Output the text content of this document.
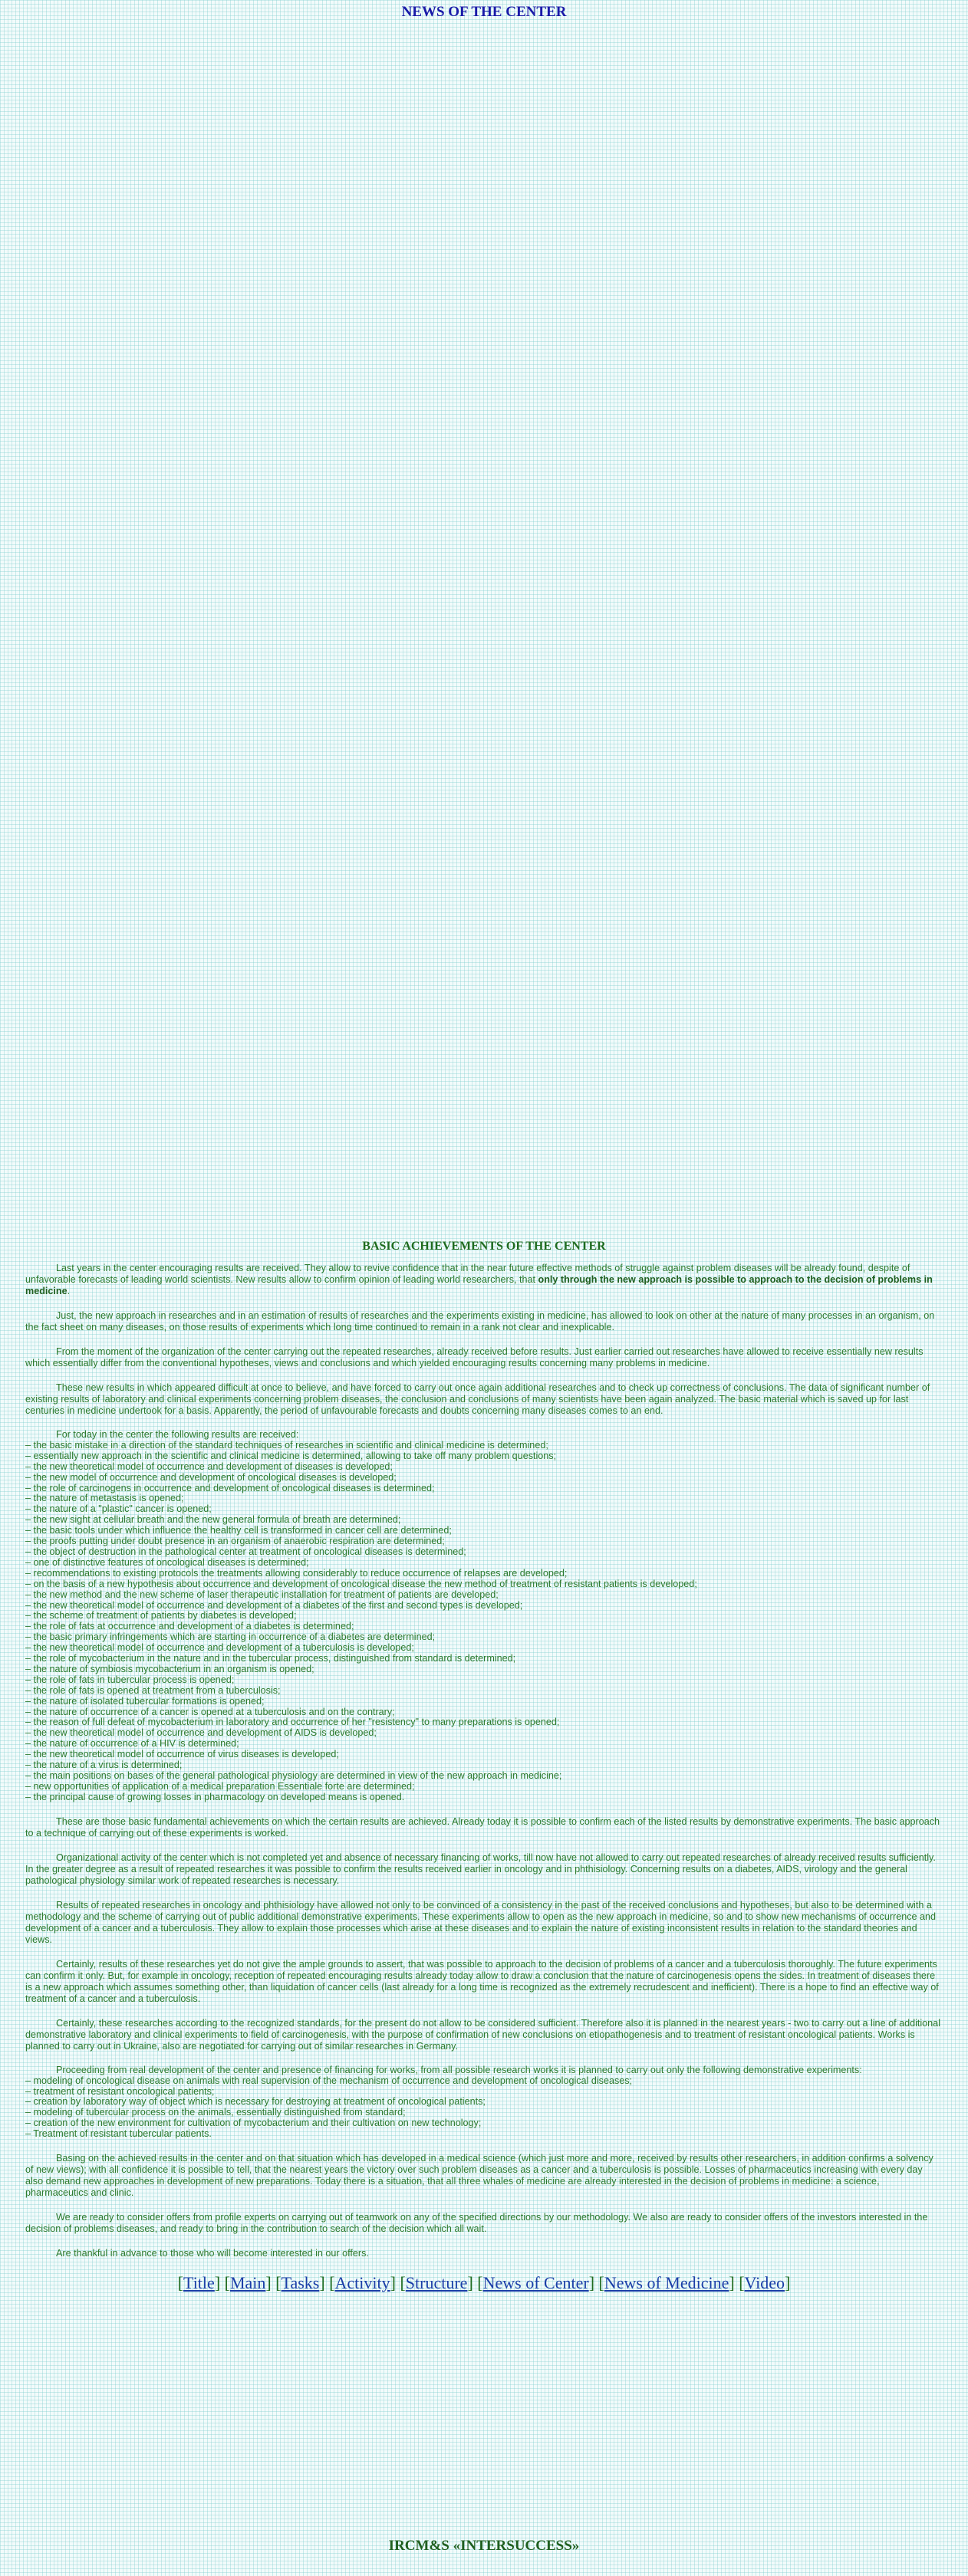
NEWS OF THE CENTER
BASIC ACHIEVEMENTS OF THE CENTER

Last years in the center encouraging results are received. They allow to revive confidence that in the near future effective methods of struggle against problem diseases will be already found, despite of unfavorable forecasts of leading world scientists. New results allow to confirm opinion of leading world researchers, that only through the new approach is possible to approach to the decision of problems in medicine.

Just, the new approach in researches and in an estimation of results of researches and the experiments existing in medicine, has allowed to look on other at the nature of many processes in an organism, on the fact sheet on many diseases, on those results of experiments which long time continued to remain in a rank not clear and inexplicable.

From the moment of the organization of the center carrying out the repeated researches, already received before results. Just earlier carried out researches have allowed to receive essentially new results which essentially differ from the conventional hypotheses, views and conclusions and which yielded encouraging results concerning many problems in medicine.

These new results in which appeared difficult at once to believe, and have forced to carry out once again additional researches and to check up correctness of conclusions. The data of significant number of existing results of laboratory and clinical experiments concerning problem diseases, the conclusion and conclusions of many scientists have been again analyzed. The basic material which is saved up for last centuries in medicine undertook for a basis. Apparently, the period of unfavourable forecasts and doubts concerning many diseases comes to an end.

For today in the center the following results are received:

– the basic mistake in a direction of the standard techniques of researches in scientific and clinical medicine is determined;

– essentially new approach in the scientific and clinical medicine is determined, allowing to take off many problem questions;

– the new theoretical model of occurrence and development of diseases is developed;

– the new model of occurrence and development of oncological diseases is developed;

– the role of carcinogens in occurrence and development of oncological diseases is determined;

– the nature of metastasis is opened;

– the nature of a "plastic" cancer is opened;

– the new sight at cellular breath and the new general formula of breath are determined;

– the basic tools under which influence the healthy cell is transformed in cancer cell are determined;

– the proofs putting under doubt presence in an organism of anaerobic respiration are determined;

– the object of destruction in the pathological center at treatment of oncological diseases is determined;

– one of distinctive features of oncological diseases is determined;

– recommendations to existing protocols the treatments allowing considerably to reduce occurrence of relapses are developed;

– on the basis of a new hypothesis about occurrence and development of oncological disease the new method of treatment of resistant patients is developed;

– the new method and the new scheme of laser therapeutic installation for treatment of patients are developed;

– the new theoretical model of occurrence and development of a diabetes of the first and second types is developed;

– the scheme of treatment of patients by diabetes is developed;

– the role of fats at occurrence and development of a diabetes is determined;

– the basic primary infringements which are starting in occurrence of a diabetes are determined;

– the new theoretical model of occurrence and development of a tuberculosis is developed;

– the role of mycobacterium in the nature and in the tubercular process, distinguished from standard is determined;

– the nature of symbiosis mycobacterium in an organism is opened;

– the role of fats in tubercular process is opened;

– the role of fats is opened at treatment from a tuberculosis;

– the nature of isolated tubercular formations is opened;

– the nature of occurrence of a cancer is opened at a tuberculosis and on the contrary;

– the reason of full defeat of mycobacterium in laboratory and occurrence of her "resistency" to many preparations is opened;

– the new theoretical model of occurrence and development of AIDS is developed;

– the nature of occurrence of a HIV is determined;

– the new theoretical model of occurrence of virus diseases is developed;

– the nature of a virus is determined;

– the main positions on bases of the general pathological physiology are determined in view of the new approach in medicine;

– new opportunities of application of a medical preparation Essentiale forte are determined;

– the principal cause of growing losses in pharmacology on developed means is opened.

These are those basic fundamental achievements on which the certain results are achieved. Already today it is possible to confirm each of the listed results by demonstrative experiments. The basic approach to a technique of carrying out of these experiments is worked.

Organizational activity of the center which is not completed yet and absence of necessary financing of works, till now have not allowed to carry out repeated researches of already received results sufficiently. In the greater degree as a result of repeated researches it was possible to confirm the results received earlier in oncology and in phthisiology. Concerning results on a diabetes, AIDS, virology and the general pathological physiology similar work of repeated researches is necessary.

Results of repeated researches in oncology and phthisiology have allowed not only to be convinced of a consistency in the past of the received conclusions and hypotheses, but also to be determined with a methodology and the scheme of carrying out of public additional demonstrative experiments. These experiments allow to open as the new approach in medicine, so and to show new mechanisms of occurrence and development of a cancer and a tuberculosis. They allow to explain those processes which arise at these diseases and to explain the nature of existing inconsistent results in relation to the standard theories and views.

Certainly, results of these researches yet do not give the ample grounds to assert, that was possible to approach to the decision of problems of a cancer and a tuberculosis thoroughly. The future experiments can confirm it only. But, for example in oncology, reception of repeated encouraging results already today allow to draw a conclusion that the nature of carcinogenesis opens the sides. In treatment of diseases there is a new approach which assumes something other, than liquidation of cancer cells (last already for a long time is recognized as the extremely recrudescent and inefficient). There is a hope to find an effective way of treatment of a cancer and a tuberculosis.

Certainly, these researches according to the recognized standards, for the present do not allow to be considered sufficient. Therefore also it is planned in the nearest years - two to carry out a line of additional demonstrative laboratory and clinical experiments to field of carcinogenesis, with the purpose of confirmation of new conclusions on etiopathogenesis and to treatment of resistant oncological patients. Works is planned to carry out in Ukraine, also are negotiated for carrying out of similar researches in Germany.

Proceeding from real development of the center and presence of financing for works, from all possible research works it is planned to carry out only the following demonstrative experiments:

– modeling of oncological disease on animals with real supervision of the mechanism of occurrence and development of oncological diseases;

– treatment of resistant oncological patients;

– creation by laboratory way of object which is necessary for destroying at treatment of oncological patients;

– modeling of tubercular process on the animals, essentially distinguished from standard;

– creation of the new environment for cultivation of mycobacterium and their cultivation on new technology;

– Treatment of resistant tubercular patients.

Basing on the achieved results in the center and on that situation which has developed in a medical science (which just more and more, received by results other researchers, in addition confirms a solvency of new views); with all confidence it is possible to tell, that the nearest years the victory over such problem diseases as a cancer and a tuberculosis is possible. Losses of pharmaceutics increasing with every day also demand new approaches in development of new preparations. Today there is a situation, that all three whales of medicine are already interested in the decision of problems in medicine: a science, pharmaceutics and clinic.

We are ready to consider offers from profile experts on carrying out of teamwork on any of the specified directions by our methodology. We also are ready to consider offers of the investors interested in the decision of problems diseases, and ready to bring in the contribution to search of the decision which all wait.

Are thankful in advance to those who will become interested in our offers.

[Title] [Main] [Tasks] [Activity] [Structure] [News of Center] [News of Medicine] [Video]
IRCM&S «INTERSUCCESS»
